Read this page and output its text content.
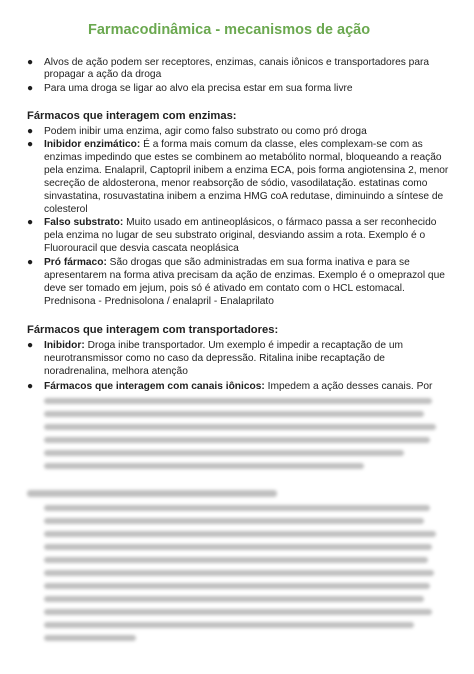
Farmacodinâmica - mecanismos de ação
● Alvos de ação podem ser receptores, enzimas, canais iônicos e transportadores para
propagar a ação da droga
● Para uma droga se ligar ao alvo ela precisa estar em sua forma livre
Fármacos que interagem com enzimas:
● Podem inibir uma enzima, agir como falso substrato ou como pró droga
● Inibidor enzimático: É a forma mais comum da classe, eles complexam-se com as
enzimas impedindo que estes se combinem ao metabólito normal, bloqueando a reação
pela enzima. Enalapril, Captopril inibem a enzima ECA, pois forma angiotensina 2, menor
secreção de aldosterona, menor reabsorção de sódio, vasodilatação. estatinas como
sinvastatina, rosuvastatina inibem a enzima HMG coA redutase, diminuindo a síntese de
colesterol
● Falso substrato: Muito usado em antineoplásicos, o fármaco passa a ser reconhecido
pela enzima no lugar de seu substrato original, desviando assim a rota. Exemplo é o
Fluorouracil que desvia cascata neoplásica
● Pró fármaco: São drogas que são administradas em sua forma inativa e para se
apresentarem na forma ativa precisam da ação de enzimas. Exemplo é o omeprazol que
deve ser tomado em jejum, pois só é ativado em contato com o HCL estomacal.
Prednisona - Prednisolona / enalapril - Enalaprilato
Fármacos que interagem com transportadores:
● Inibidor: Droga inibe transportador. Um exemplo é impedir a recaptação de um
neurotransmissor como no caso da depressão. Ritalina inibe recaptação de
noradrenalina, melhora atenção
● Fármacos que interagem com canais iônicos: Impedem a ação desses canais. Por
